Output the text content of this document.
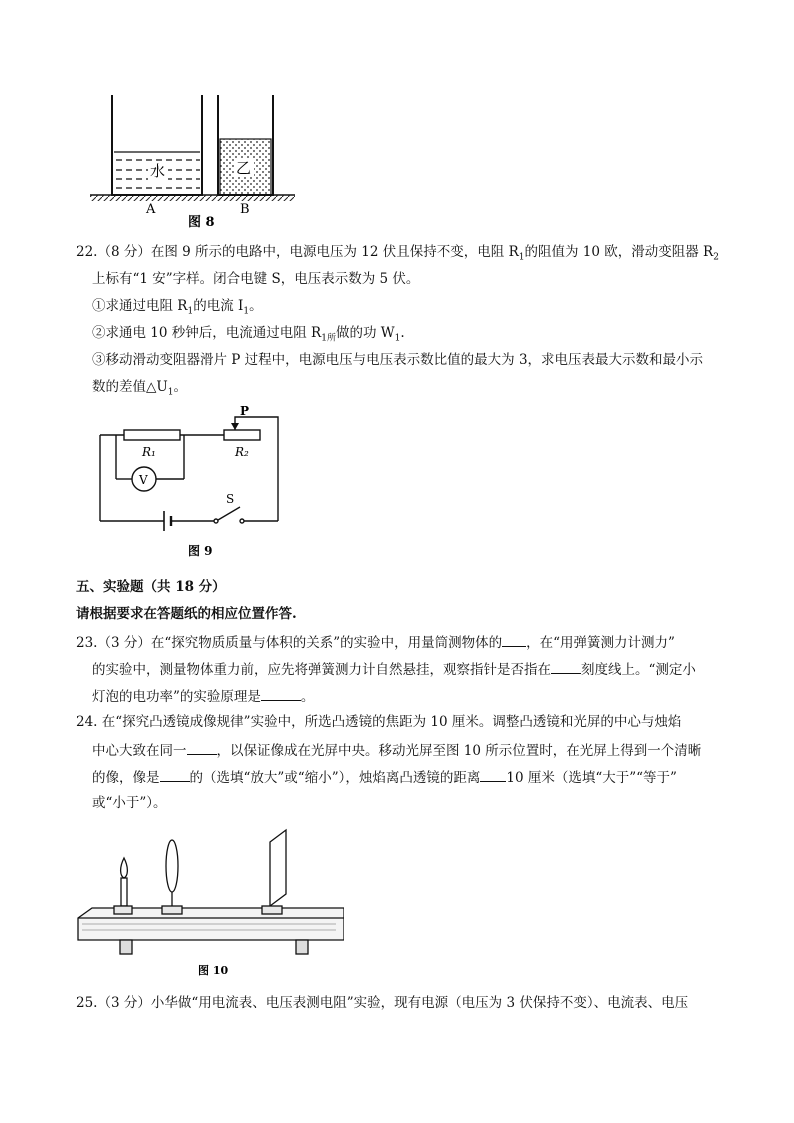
水	乙
A	B
图 8
22.（8 分）在图 9 所示的电路中，电源电压为 12 伏且保持不变，电阻 $R_1$的阻值为 10 欧，滑动变阻器 $R_2$
上标有“1 安”字样。闭合电键 S，电压表示数为 5 伏。
①求通过电阻 $R_1$的电流 $I_1$。
②求通电 10 秒钟后，电流通过电阻 $R_{1所}$做的功 $W_1$.
③移动滑动变阻器滑片 P 过程中，电源电压与电压表示数比值的最大为 3，求电压表最大示数和最小示
数的差值$\triangle U_1$。
P
R₁	R₂
V
S
图 9
五、实验题（共 18 分）
请根据要求在答题纸的相应位置作答.
23.（3 分）在“探究物质质量与体积的关系”的实验中，用量筒测物体的 ，在“用弹簧测力计测力”
的实验中，测量物体重力前，应先将弹簧测力计自然悬挂，观察指针是否指在 刻度线上。“测定小
灯泡的电功率”的实验原理是	。
24. 在“探究凸透镜成像规律”实验中，所选凸透镜的焦距为 10 厘米。调整凸透镜和光屏的中心与烛焰
中心大致在同一 ，以保证像成在光屏中央。移动光屏至图 10 所示位置时，在光屏上得到一个清晰
的像，像是 的（选填“放大”或“缩小”），烛焰离凸透镜的距离 10 厘米（选填“大于”“等于”
或“小于”）。
图 10
25.（3 分）小华做“用电流表、电压表测电阻”实验，现有电源（电压为 3 伏保持不变）、电流表、电压
